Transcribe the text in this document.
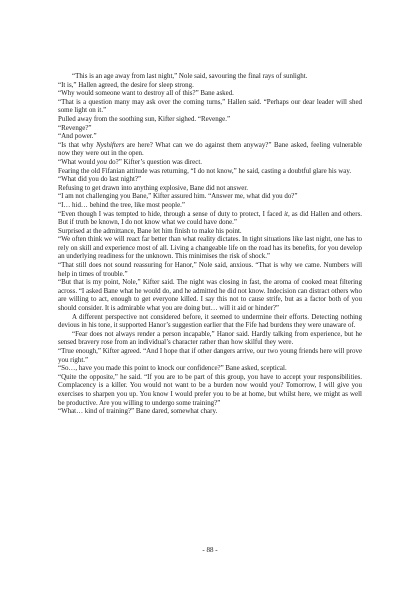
“This is an age away from last night,” Nole said, savouring the final rays of sunlight.

“It is,” Hallen agreed, the desire for sleep strong.

“Why would someone want to destroy all of this?” Bane asked.

“That is a question many may ask over the coming turns,” Hallen said. “Perhaps our dear leader will shed some light on it.”

Pulled away from the soothing sun, Kifter sighed. “Revenge.”

“Revenge?”

“And power.”

“Is that why Nyshifters are here? What can we do against them anyway?” Bane asked, feeling vulnerable now they were out in the open.

“What would you do?” Kifter’s question was direct.

Fearing the old Fifanian attitude was returning, “I do not know,” he said, casting a doubtful glare his way.

“What did you do last night?”

Refusing to get drawn into anything explosive, Bane did not answer.

“I am not challenging you Bane,” Kifter assured him. “Answer me, what did you do?”

“I… hid… behind the tree, like most people.”

“Even though I was tempted to hide, through a sense of duty to protect, I faced it, as did Hallen and others. But if truth be known, I do not know what we could have done.”

Surprised at the admittance, Bane let him finish to make his point.

“We often think we will react far better than what reality dictates. In tight situations like last night, one has to rely on skill and experience most of all. Living a changeable life on the road has its benefits, for you develop an underlying readiness for the unknown. This minimises the risk of shock.”

“That still does not sound reassuring for Hanor,” Nole said, anxious. “That is why we came. Numbers will help in times of trouble.”

“But that is my point, Nole,” Kifter said. The night was closing in fast, the aroma of cooked meat filtering across. “I asked Bane what he would do, and he admitted he did not know. Indecision can distract others who are willing to act, enough to get everyone killed. I say this not to cause strife, but as a factor both of you should consider. It is admirable what you are doing but… will it aid or hinder?”

A different perspective not considered before, it seemed to undermine their efforts. Detecting nothing devious in his tone, it supported Hanor’s suggestion earlier that the Fife had burdens they were unaware of.

“Fear does not always render a person incapable,” Hanor said. Hardly talking from experience, but he sensed bravery rose from an individual’s character rather than how skilful they were.

“True enough,” Kifter agreed. “And I hope that if other dangers arrive, our two young friends here will prove you right.”

“So…, have you made this point to knock our confidence?” Bane asked, sceptical.

“Quite the opposite,” he said. “If you are to be part of this group, you have to accept your responsibilities. Complacency is a killer. You would not want to be a burden now would you? Tomorrow, I will give you exercises to sharpen you up. You know I would prefer you to be at home, but whilst here, we might as well be productive. Are you willing to undergo some training?”

“What… kind of training?” Bane dared, somewhat chary.

- 88 -
